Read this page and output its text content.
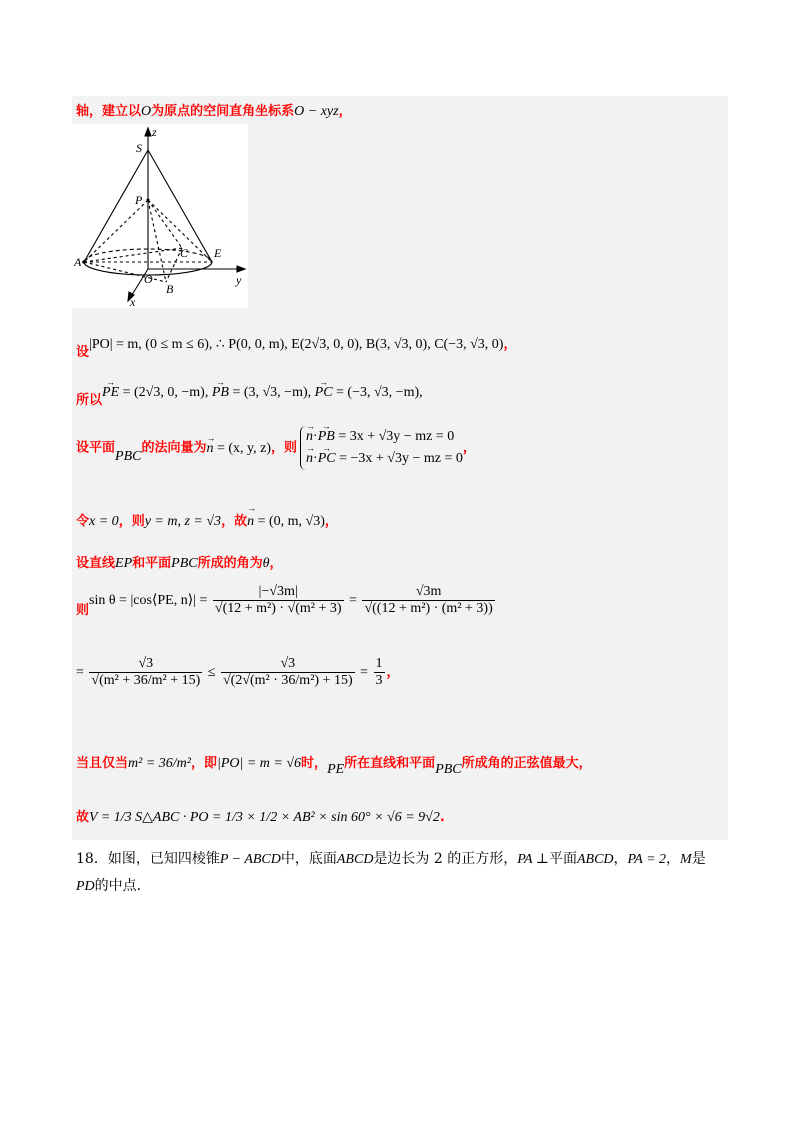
轴，建立以O为原点的空间直角坐标系O − xyz，
z
S
P
A
C E
O
B
y
x
设|PO| = m, (0 ≤ m ≤ 6), ∴ P(0, 0, m), E(2√3, 0, 0), B(3, √3, 0), C(−3, √3, 0)，
所以→ PE = (2√3, 0, −m), → PB = (3, √3, −m), → PC = (−3, √3, −m),
设平面PBC的法向量为→ n = (x, y, z)，则
→ n·→ PB = 3x + √3y − mz = 0
→ n·→ PC = −3x + √3y − mz = 0
，
令x = 0，则y = m, z = √3，故→ n = (0, m, √3)，
设直线EP和平面PBC所成的角为θ，
则sin θ = |cos⟨PE, n⟩| = $\frac{|-√3m|}{\text{√(12 + m²) · √(m² + 3)}} = \frac{√3m}{\text{√((12 + m²) · (m² + 3))}}$
= $\frac{√3}{\text{√(m² + 36/m² + 15)}} \le \frac{√3}{\text{√(2√(m² · 36/m²) + 15)}} = \frac{1}{3}$ ，
当且仅当m² = 36/m²，即|PO| = m = √6时，PE所在直线和平面PBC所成角的正弦值最大，
故V = 1/3 S△ABC · PO = 1/3 × 1/2 × AB² × sin 60° × √6 = 9√2.
18．如图，已知四棱锥P − ABCD中，底面ABCD是边长为 2 的正方形，PA ⊥平面ABCD，PA = 2，M是
PD的中点．
